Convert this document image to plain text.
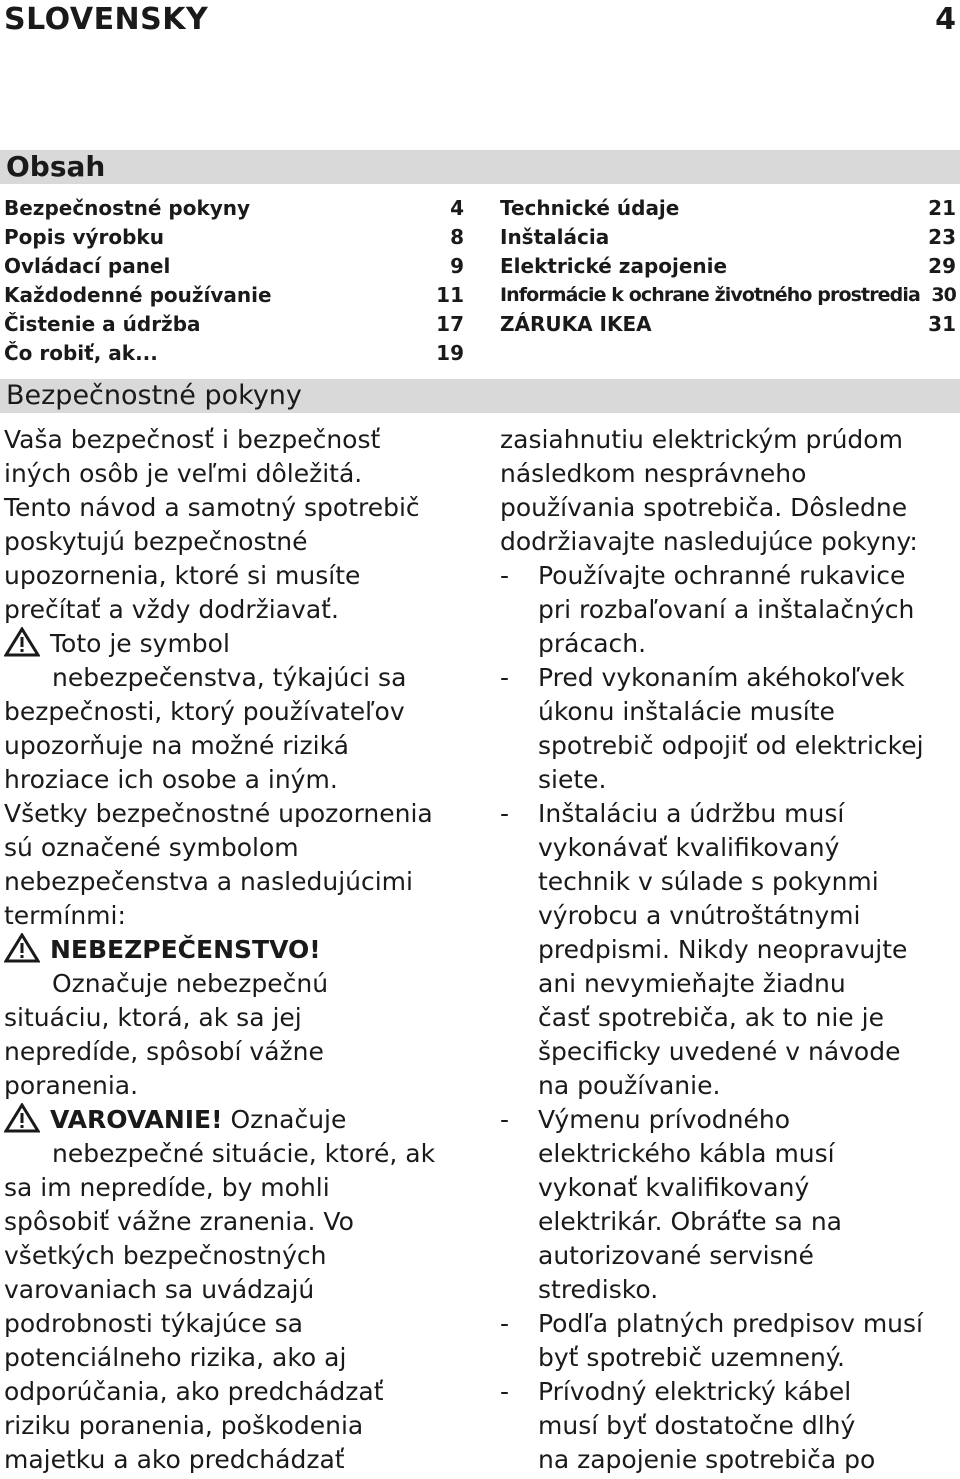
SLOVENSKY	4
Obsah
Bezpečnostné pokyny	4
Popis výrobku	8
Ovládací panel	9
Každodenné používanie	11
Čistenie a údržba	17
Čo robiť, ak...	19
Technické údaje	21
Inštalácia	23
Elektrické zapojenie	29
Informácie k ochrane životného prostredia 30
ZÁRUKA IKEA	31
Bezpečnostné pokyny
Vaša bezpečnosť i bezpečnosť
iných osôb je veľmi dôležitá.
Tento návod a samotný spotrebič
poskytujú bezpečnostné
upozornenia, ktoré si musíte
prečítať a vždy dodržiavať.
Toto je symbol
nebezpečenstva, týkajúci sa
bezpečnosti, ktorý používateľov
upozorňuje na možné riziká
hroziace ich osobe a iným.
Všetky bezpečnostné upozornenia
sú označené symbolom
nebezpečenstva a nasledujúcimi
termínmi:
NEBEZPEČENSTVO!
Označuje nebezpečnú
situáciu, ktorá, ak sa jej
nepredíde, spôsobí vážne
poranenia.
VAROVANIE! Označuje
nebezpečné situácie, ktoré, ak
sa im nepredíde, by mohli
spôsobiť vážne zranenia. Vo
všetkých bezpečnostných
varovaniach sa uvádzajú
podrobnosti týkajúce sa
potenciálneho rizika, ako aj
odporúčania, ako predchádzať
riziku poranenia, poškodenia
majetku a ako predchádzať
zasiahnutiu elektrickým prúdom
následkom nesprávneho
používania spotrebiča. Dôsledne
dodržiavajte nasledujúce pokyny:
-	Používajte ochranné rukavice
pri rozbaľovaní a inštalačných
prácach.
-	Pred vykonaním akéhokoľvek
úkonu inštalácie musíte
spotrebič odpojiť od elektrickej
siete.
-	Inštaláciu a údržbu musí
vykonávať kvalifikovaný
technik v súlade s pokynmi
výrobcu a vnútroštátnymi
predpismi. Nikdy neopravujte
ani nevymieňajte žiadnu
časť spotrebiča, ak to nie je
špecificky uvedené v návode
na používanie.
-	Výmenu prívodného
elektrického kábla musí
vykonať kvalifikovaný
elektrikár. Obráťte sa na
autorizované servisné
stredisko.
-	Podľa platných predpisov musí
byť spotrebič uzemnený.
-	Prívodný elektrický kábel
musí byť dostatočne dlhý
na zapojenie spotrebiča po
